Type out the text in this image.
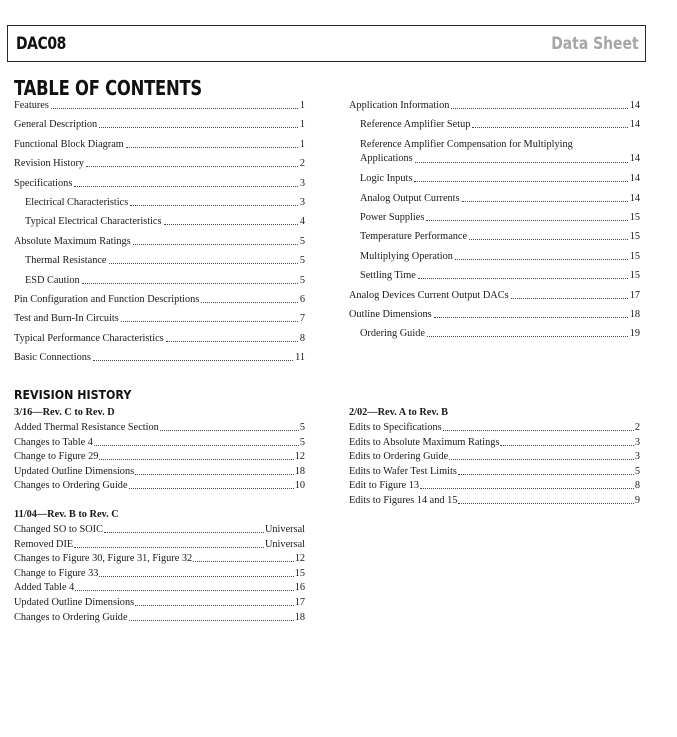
DAC08	Data Sheet
TABLE OF CONTENTS
Features	1
General Description	1
Functional Block Diagram	1
Revision History	2
Specifications	3
Electrical Characteristics	3
Typical Electrical Characteristics	4
Absolute Maximum Ratings	5
Thermal Resistance	5
ESD Caution	5
Pin Configuration and Function Descriptions	6
Test and Burn-In Circuits	7
Typical Performance Characteristics	8
Basic Connections	11
Application Information	14
Reference Amplifier Setup	14
Reference Amplifier Compensation for Multiplying
Applications	14
Logic Inputs	14
Analog Output Currents	14
Power Supplies	15
Temperature Performance	15
Multiplying Operation	15
Settling Time	15
Analog Devices Current Output DACs	17
Outline Dimensions	18
Ordering Guide	19
REVISION HISTORY
3/16—Rev. C to Rev. D
Added Thermal Resistance Section	5
Changes to Table 4	5
Change to Figure 29	12
Updated Outline Dimensions	18
Changes to Ordering Guide	10
11/04—Rev. B to Rev. C
Changed SO to SOIC	Universal
Removed DIE	Universal
Changes to Figure 30, Figure 31, Figure 32	12
Change to Figure 33	15
Added Table 4	16
Updated Outline Dimensions	17
Changes to Ordering Guide	18
2/02—Rev. A to Rev. B
Edits to Specifications	2
Edits to Absolute Maximum Ratings	3
Edits to Ordering Guide	3
Edits to Wafer Test Limits	5
Edit to Figure 13	8
Edits to Figures 14 and 15	9
